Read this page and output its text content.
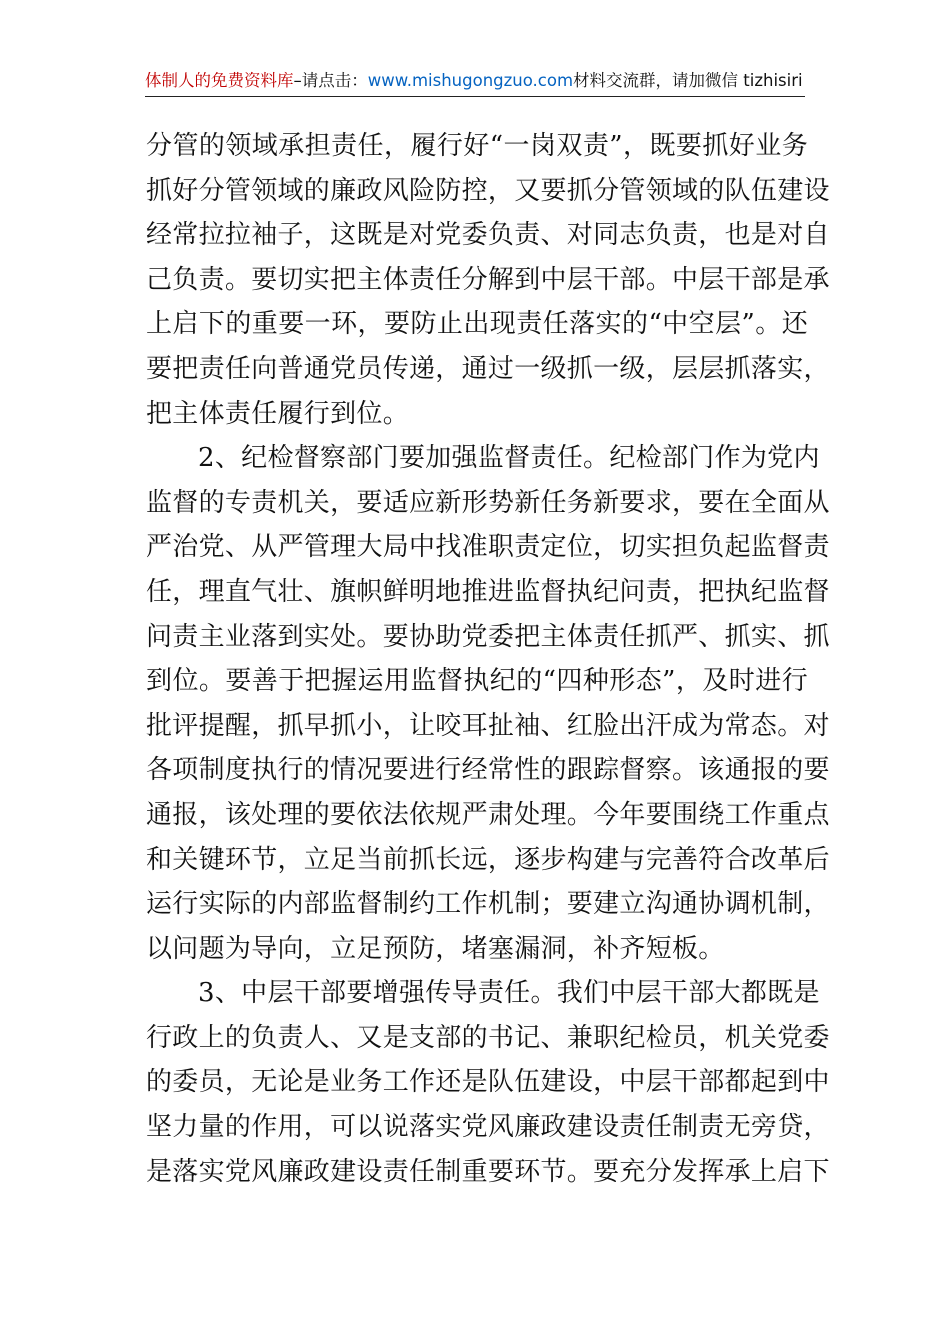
体制人的免费资料库–请点击：www.mishugongzuo.com材料交流群，请加微信 tizhisiri
分管的领域承担责任，履行好“一岗双责”，既要抓好业务
抓好分管领域的廉政风险防控，又要抓分管领域的队伍建设
经常拉拉袖子，这既是对党委负责、对同志负责，也是对自
己负责。要切实把主体责任分解到中层干部。中层干部是承
上启下的重要一环，要防止出现责任落实的“中空层”。还
要把责任向普通党员传递，通过一级抓一级，层层抓落实，
把主体责任履行到位。
2、纪检督察部门要加强监督责任。纪检部门作为党内
监督的专责机关，要适应新形势新任务新要求，要在全面从
严治党、从严管理大局中找准职责定位，切实担负起监督责
任，理直气壮、旗帜鲜明地推进监督执纪问责，把执纪监督
问责主业落到实处。要协助党委把主体责任抓严、抓实、抓
到位。要善于把握运用监督执纪的“四种形态”，及时进行
批评提醒，抓早抓小，让咬耳扯袖、红脸出汗成为常态。对
各项制度执行的情况要进行经常性的跟踪督察。该通报的要
通报，该处理的要依法依规严肃处理。今年要围绕工作重点
和关键环节，立足当前抓长远，逐步构建与完善符合改革后
运行实际的内部监督制约工作机制；要建立沟通协调机制，
以问题为导向，立足预防，堵塞漏洞，补齐短板。
3、中层干部要增强传导责任。我们中层干部大都既是
行政上的负责人、又是支部的书记、兼职纪检员，机关党委
的委员，无论是业务工作还是队伍建设，中层干部都起到中
坚力量的作用，可以说落实党风廉政建设责任制责无旁贷，
是落实党风廉政建设责任制重要环节。要充分发挥承上启下
